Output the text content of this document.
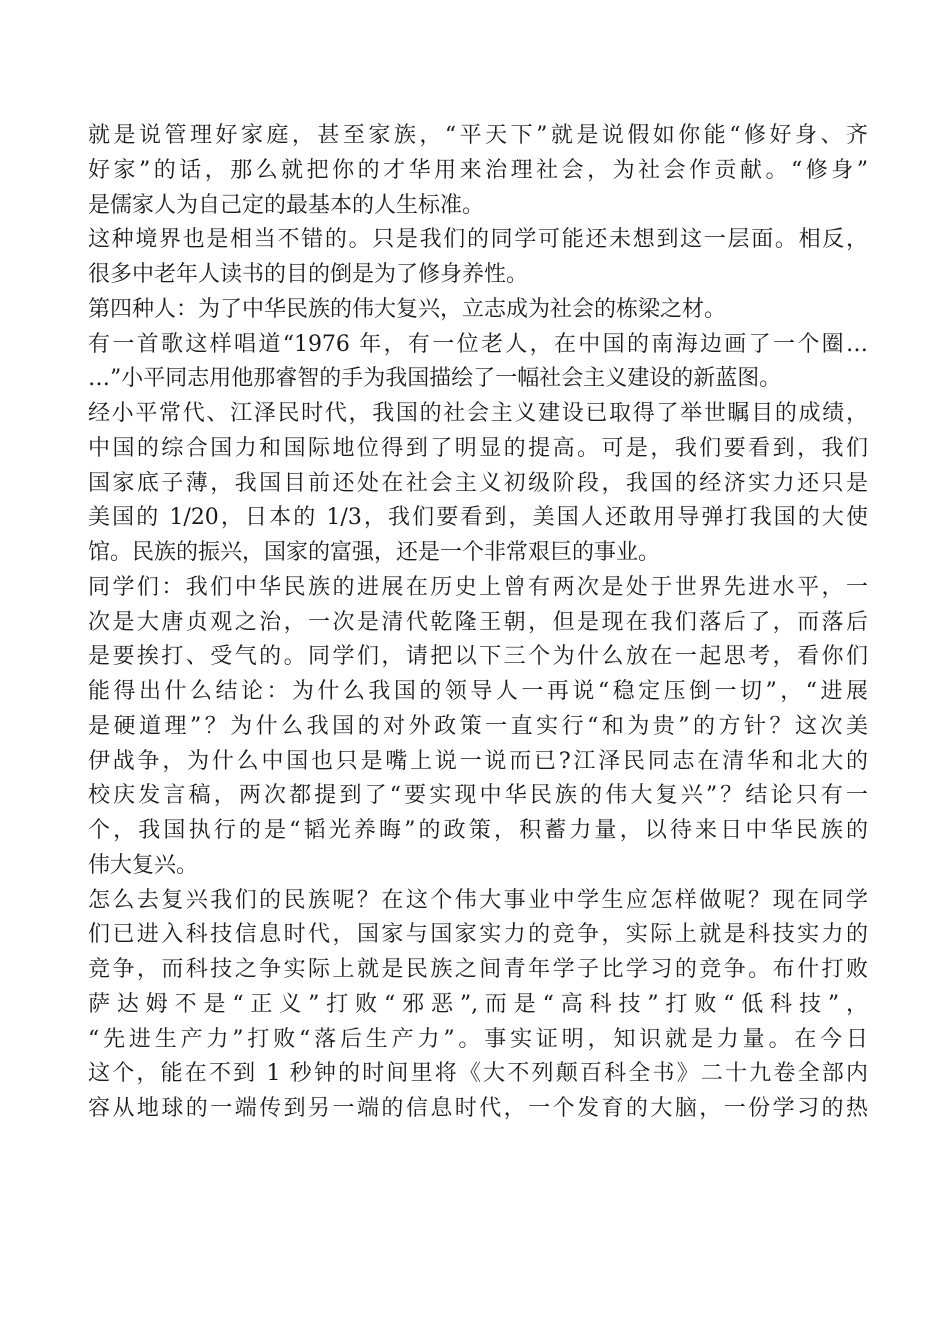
就是说管理好家庭，甚至家族，“平天下”就是说假如你能“修好身、齐
好家”的话，那么就把你的才华用来治理社会，为社会作贡献。“修身”
是儒家人为自己定的最基本的人生标准。
这种境界也是相当不错的。只是我们的同学可能还未想到这一层面。相反，
很多中老年人读书的目的倒是为了修身养性。
第四种人：为了中华民族的伟大复兴，立志成为社会的栋梁之材。
有一首歌这样唱道“1976 年，有一位老人，在中国的南海边画了一个圈…
…”小平同志用他那睿智的手为我国描绘了一幅社会主义建设的新蓝图。
经小平常代、江泽民时代，我国的社会主义建设已取得了举世瞩目的成绩，
中国的综合国力和国际地位得到了明显的提高。可是，我们要看到，我们
国家底子薄，我国目前还处在社会主义初级阶段，我国的经济实力还只是
美国的 1/20，日本的 1/3，我们要看到，美国人还敢用导弹打我国的大使
馆。民族的振兴，国家的富强，还是一个非常艰巨的事业。
同学们：我们中华民族的进展在历史上曾有两次是处于世界先进水平，一
次是大唐贞观之治，一次是清代乾隆王朝，但是现在我们落后了，而落后
是要挨打、受气的。同学们，请把以下三个为什么放在一起思考，看你们
能得出什么结论：为什么我国的领导人一再说“稳定压倒一切”，“进展
是硬道理”？为什么我国的对外政策一直实行“和为贵”的方针？这次美
伊战争，为什么中国也只是嘴上说一说而已?江泽民同志在清华和北大的
校庆发言稿，两次都提到了“要实现中华民族的伟大复兴”？结论只有一
个，我国执行的是“韬光养晦”的政策，积蓄力量，以待来日中华民族的
伟大复兴。
怎么去复兴我们的民族呢？在这个伟大事业中学生应怎样做呢？现在同学
们已进入科技信息时代，国家与国家实力的竞争，实际上就是科技实力的
竞争，而科技之争实际上就是民族之间青年学子比学习的竞争。布什打败
萨达姆不是“正义”打败“邪恶”,而是“高科技”打败“低科技”，
“先进生产力”打败“落后生产力”。事实证明，知识就是力量。在今日
这个，能在不到 1 秒钟的时间里将《大不列颠百科全书》二十九卷全部内
容从地球的一端传到另一端的信息时代，一个发育的大脑，一份学习的热
